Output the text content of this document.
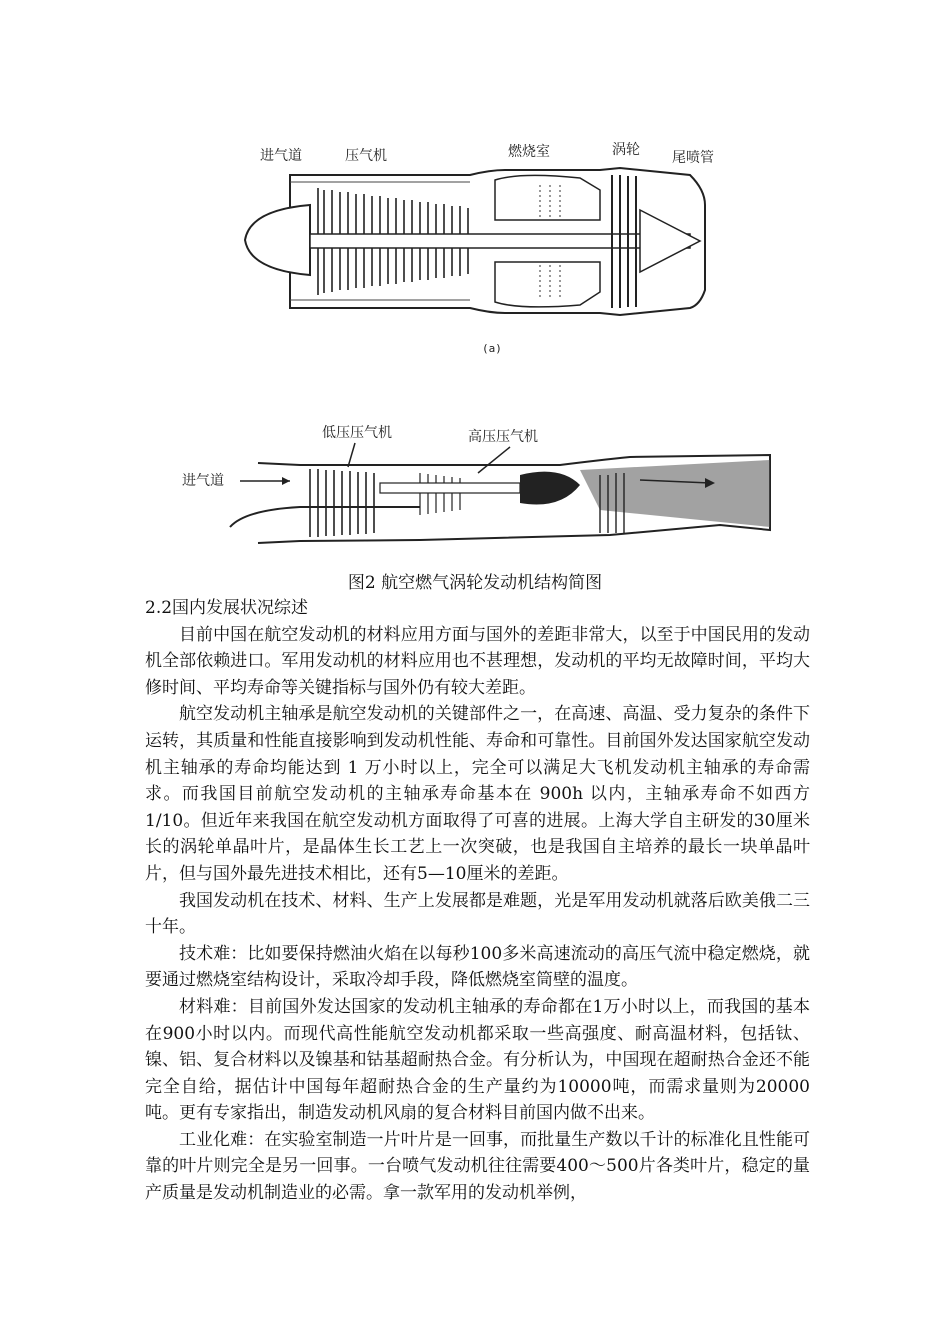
进气道	压气机	燃烧室	涡轮 尾喷管
(a)
低压压气机	高压压气机
进气道
图2 航空燃气涡轮发动机结构简图

2.2国内发展状况综述

目前中国在航空发动机的材料应用方面与国外的差距非常大，以至于中国民用的发动机全部依赖进口。军用发动机的材料应用也不甚理想，发动机的平均无故障时间，平均大修时间、平均寿命等关键指标与国外仍有较大差距。

航空发动机主轴承是航空发动机的关键部件之一，在高速、高温、受力复杂的条件下运转，其质量和性能直接影响到发动机性能、寿命和可靠性。目前国外发达国家航空发动机主轴承的寿命均能达到 1 万小时以上，完全可以满足大飞机发动机主轴承的寿命需求。而我国目前航空发动机的主轴承寿命基本在 900h 以内，主轴承寿命不如西方 1/10。但近年来我国在航空发动机方面取得了可喜的进展。上海大学自主研发的30厘米长的涡轮单晶叶片，是晶体生长工艺上一次突破，也是我国自主培养的最长一块单晶叶片，但与国外最先进技术相比，还有5—10厘米的差距。

我国发动机在技术、材料、生产上发展都是难题，光是军用发动机就落后欧美俄二三十年。

技术难：比如要保持燃油火焰在以每秒100多米高速流动的高压气流中稳定燃烧，就要通过燃烧室结构设计，采取冷却手段，降低燃烧室筒壁的温度。

材料难：目前国外发达国家的发动机主轴承的寿命都在1万小时以上，而我国的基本在900小时以内。而现代高性能航空发动机都采取一些高强度、耐高温材料，包括钛、镍、铝、复合材料以及镍基和钴基超耐热合金。有分析认为，中国现在超耐热合金还不能完全自给，据估计中国每年超耐热合金的生产量约为10000吨，而需求量则为20000吨。更有专家指出，制造发动机风扇的复合材料目前国内做不出来。

工业化难：在实验室制造一片叶片是一回事，而批量生产数以千计的标准化且性能可靠的叶片则完全是另一回事。一台喷气发动机往往需要400～500片各类叶片，稳定的量产质量是发动机制造业的必需。拿一款军用的发动机举例，
